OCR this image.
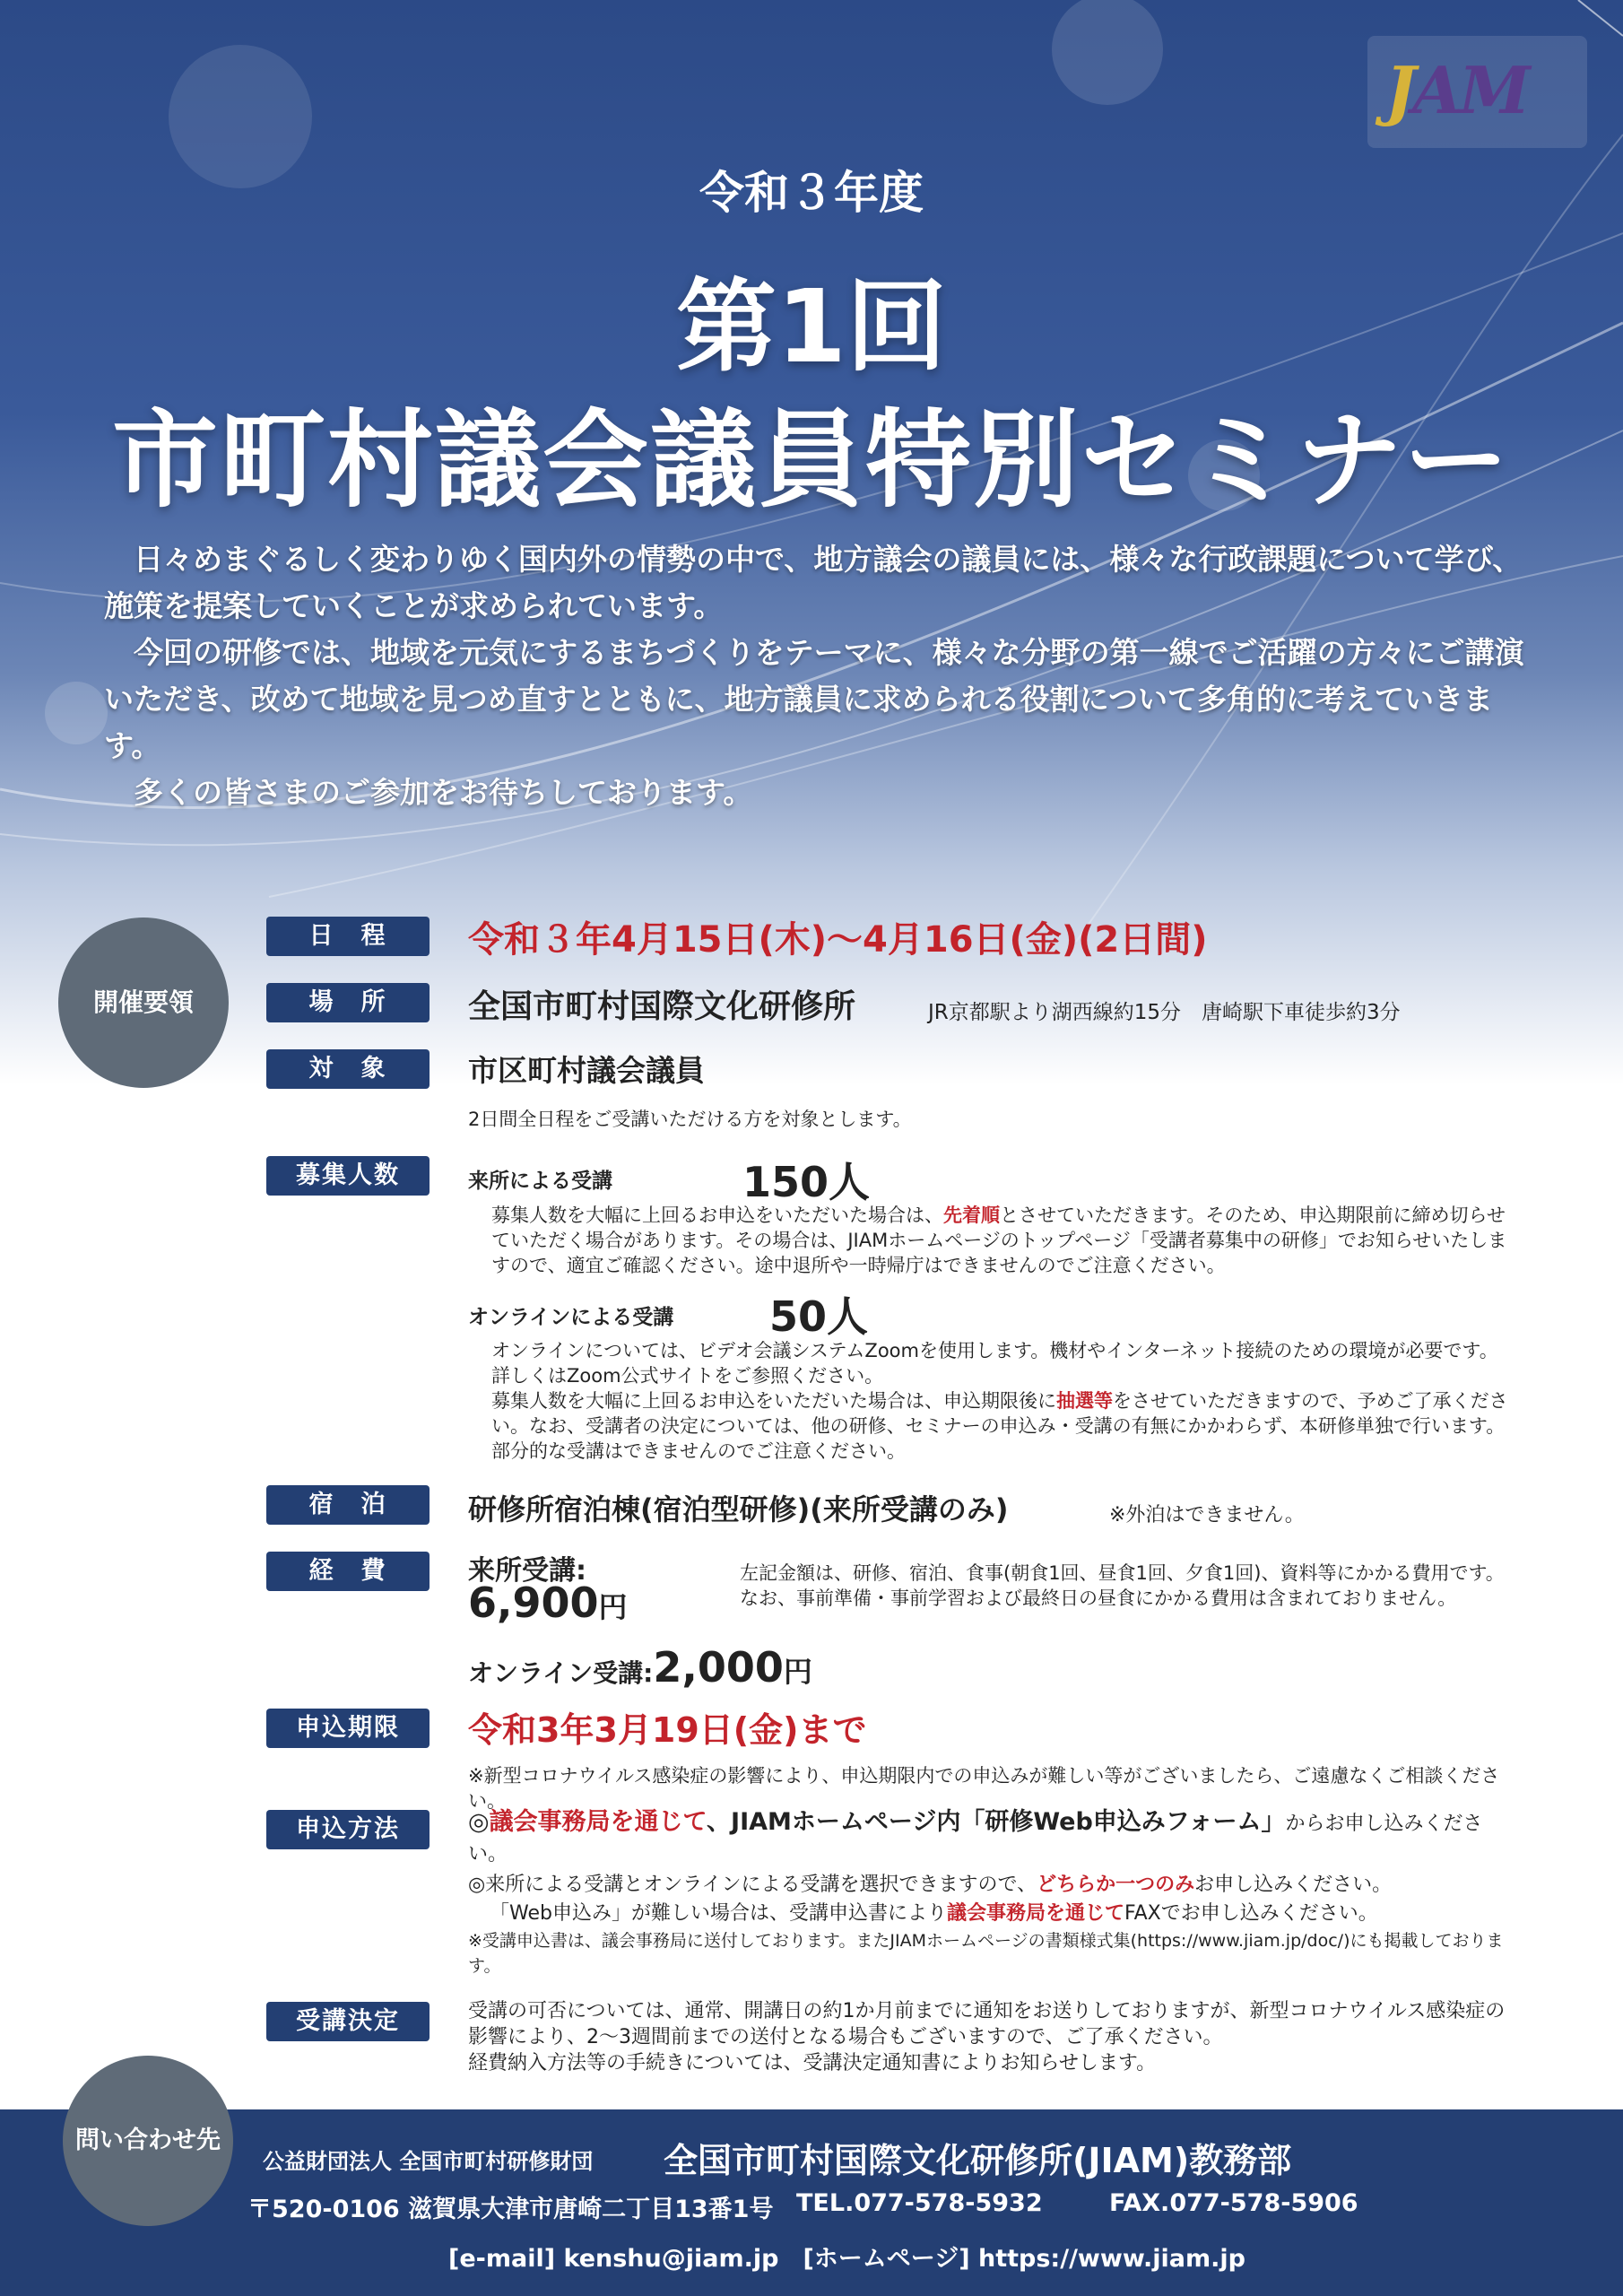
JAM
令和３年度
第1回
市町村議会議員特別セミナー

　日々めまぐるしく変わりゆく国内外の情勢の中で、地方議会の議員には、様々な行政課題について学び、施策を提案していくことが求められています。

　今回の研修では、地域を元気にするまちづくりをテーマに、様々な分野の第一線でご活躍の方々にご講演いただき、改めて地域を見つめ直すとともに、地方議員に求められる役割について多角的に考えていきます。

　多くの皆さまのご参加をお待ちしております。

開催要領
日　程	令和３年4月15日(木)～4月16日(金)(2日間)
場　所	全国市町村国際文化研修所	JR京都駅より湖西線約15分　唐崎駅下車徒歩約3分
対　象	市区町村議会議員
2日間全日程をご受講いただける方を対象とします。
募集人数	来所による受講	150人
募集人数を大幅に上回るお申込をいただいた場合は、先着順とさせていただきます。そのため、申込期限前に締め切らせていただく場合があります。その場合は、JIAMホームページのトップページ「受講者募集中の研修」でお知らせいたしますので、適宜ご確認ください。途中退所や一時帰庁はできませんのでご注意ください。
オンラインによる受講 50人
オンラインについては、ビデオ会議システムZoomを使用します。機材やインターネット接続のための環境が必要です。詳しくはZoom公式サイトをご参照ください。
募集人数を大幅に上回るお申込をいただいた場合は、申込期限後に抽選等をさせていただきますので、予めご了承ください。なお、受講者の決定については、他の研修、セミナーの申込み・受講の有無にかかわらず、本研修単独で行います。部分的な受講はできませんのでご注意ください。
宿　泊	研修所宿泊棟(宿泊型研修)(来所受講のみ)	※外泊はできません。
経　費	来所受講:
6,900円
左記金額は、研修、宿泊、食事(朝食1回、昼食1回、夕食1回)、資料等にかかる費用です。
なお、事前準備・事前学習および最終日の昼食にかかる費用は含まれておりません。
オンライン受講:2,000円
申込期限	令和3年3月19日(金)まで
※新型コロナウイルス感染症の影響により、申込期限内での申込みが難しい等がございましたら、ご遠慮なくご相談ください。
申込方法	◎議会事務局を通じて、JIAMホームページ内「研修Web申込みフォーム」からお申し込みください。
◎来所による受講とオンラインによる受講を選択できますので、どちらか一つのみお申し込みください。
「Web申込み」が難しい場合は、受講申込書により議会事務局を通じてFAXでお申し込みください。
※受講申込書は、議会事務局に送付しております。またJIAMホームページの書類様式集(https://www.jiam.jp/doc/)にも掲載しております。
受講決定	受講の可否については、通常、開講日の約1か月前までに通知をお送りしておりますが、新型コロナウイルス感染症の影響により、2～3週間前までの送付となる場合もございますので、ご了承ください。
経費納入方法等の手続きについては、受講決定通知書によりお知らせします。
問い合わせ先
公益財団法人 全国市町村研修財団 全国市町村国際文化研修所(JIAM)教務部
〒520-0106 滋賀県大津市唐崎二丁目13番1号 TEL.077-578-5932	FAX.077-578-5906
[e-mail] kenshu@jiam.jp　[ホームページ] https://www.jiam.jp
